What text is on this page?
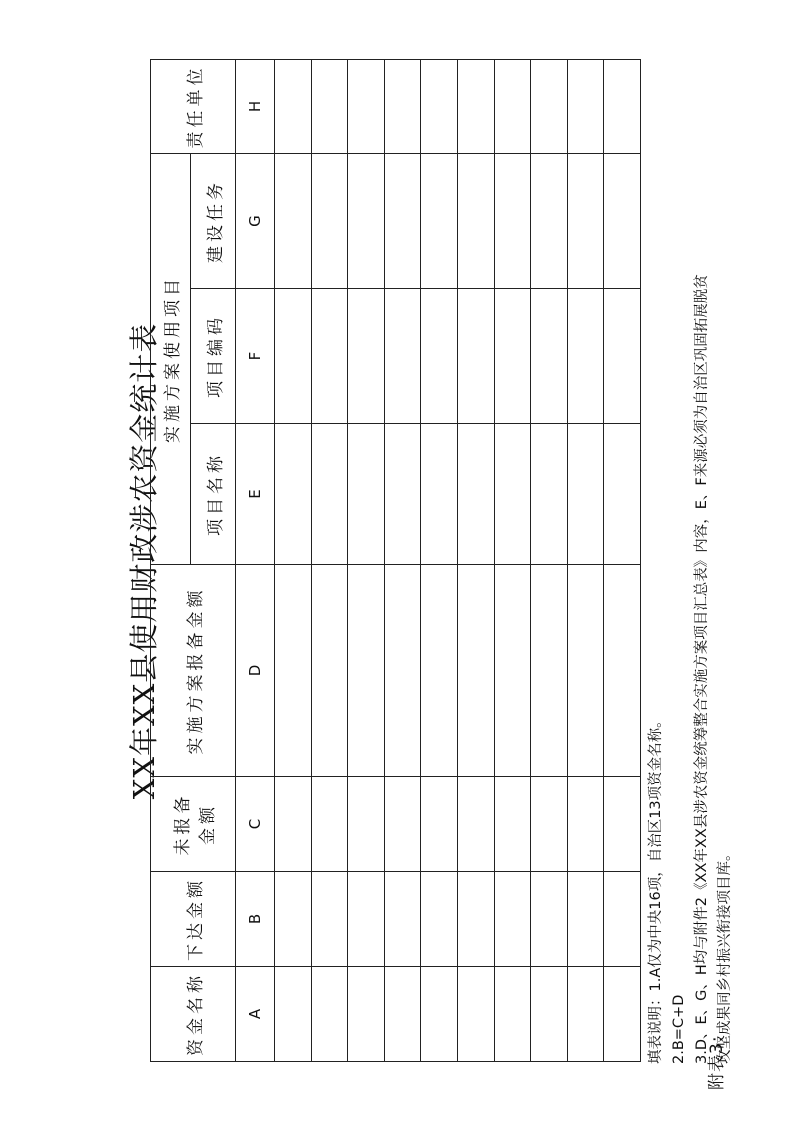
附表3:
XX年XX县使用财政涉农资金统计表
资金名称	下达金额	未报备金额	实施方案报备金额	实施方案使用项目			责任单位
				项目名称	项目编码	建设任务	
A	B	C	D	E	F	G	H

填表说明：1.A仅为中央16项，自治区13项资金名称。 2.B=C+D 3.D、E、G、H均与附件2《XX年XX县涉农资金统筹整合实施方案项目汇总表》内容，E、F来源必须为自治区巩固拓展脱贫 攻坚成果同乡村振兴衔接项目库。
